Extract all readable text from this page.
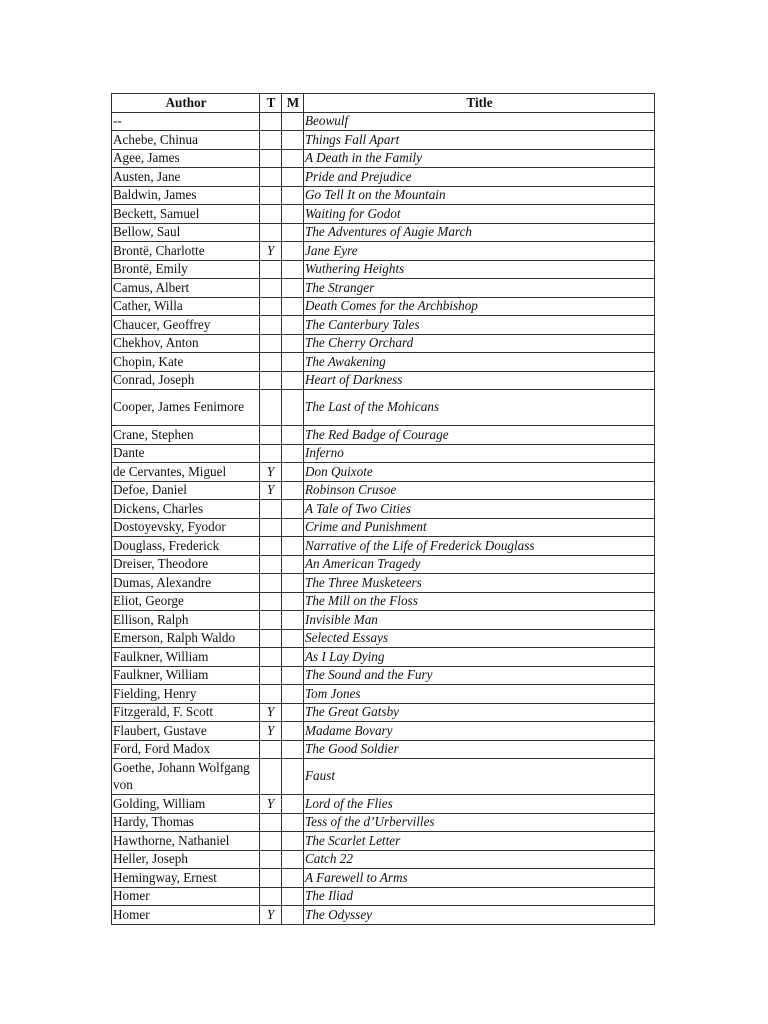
Author	T	M	Title
--			Beowulf
Achebe, Chinua			Things Fall Apart
Agee, James			A Death in the Family
Austen, Jane			Pride and Prejudice
Baldwin, James			Go Tell It on the Mountain
Beckett, Samuel			Waiting for Godot
Bellow, Saul			The Adventures of Augie March
Brontë, Charlotte	Y		Jane Eyre
Brontë, Emily			Wuthering Heights
Camus, Albert			The Stranger
Cather, Willa			Death Comes for the Archbishop
Chaucer, Geoffrey			The Canterbury Tales
Chekhov, Anton			The Cherry Orchard
Chopin, Kate			The Awakening
Conrad, Joseph			Heart of Darkness
Cooper, James Fenimore			The Last of the Mohicans
Crane, Stephen			The Red Badge of Courage
Dante			Inferno
de Cervantes, Miguel	Y		Don Quixote
Defoe, Daniel	Y		Robinson Crusoe
Dickens, Charles			A Tale of Two Cities
Dostoyevsky, Fyodor			Crime and Punishment
Douglass, Frederick			Narrative of the Life of Frederick Douglass
Dreiser, Theodore			An American Tragedy
Dumas, Alexandre			The Three Musketeers
Eliot, George			The Mill on the Floss
Ellison, Ralph			Invisible Man
Emerson, Ralph Waldo			Selected Essays
Faulkner, William			As I Lay Dying
Faulkner, William			The Sound and the Fury
Fielding, Henry			Tom Jones
Fitzgerald, F. Scott	Y		The Great Gatsby
Flaubert, Gustave	Y		Madame Bovary
Ford, Ford Madox			The Good Soldier
Goethe, Johann Wolfgang von			Faust
Golding, William	Y		Lord of the Flies
Hardy, Thomas			Tess of the d’Urbervilles
Hawthorne, Nathaniel			The Scarlet Letter
Heller, Joseph			Catch 22
Hemingway, Ernest			A Farewell to Arms
Homer			The Iliad
Homer	Y		The Odyssey
